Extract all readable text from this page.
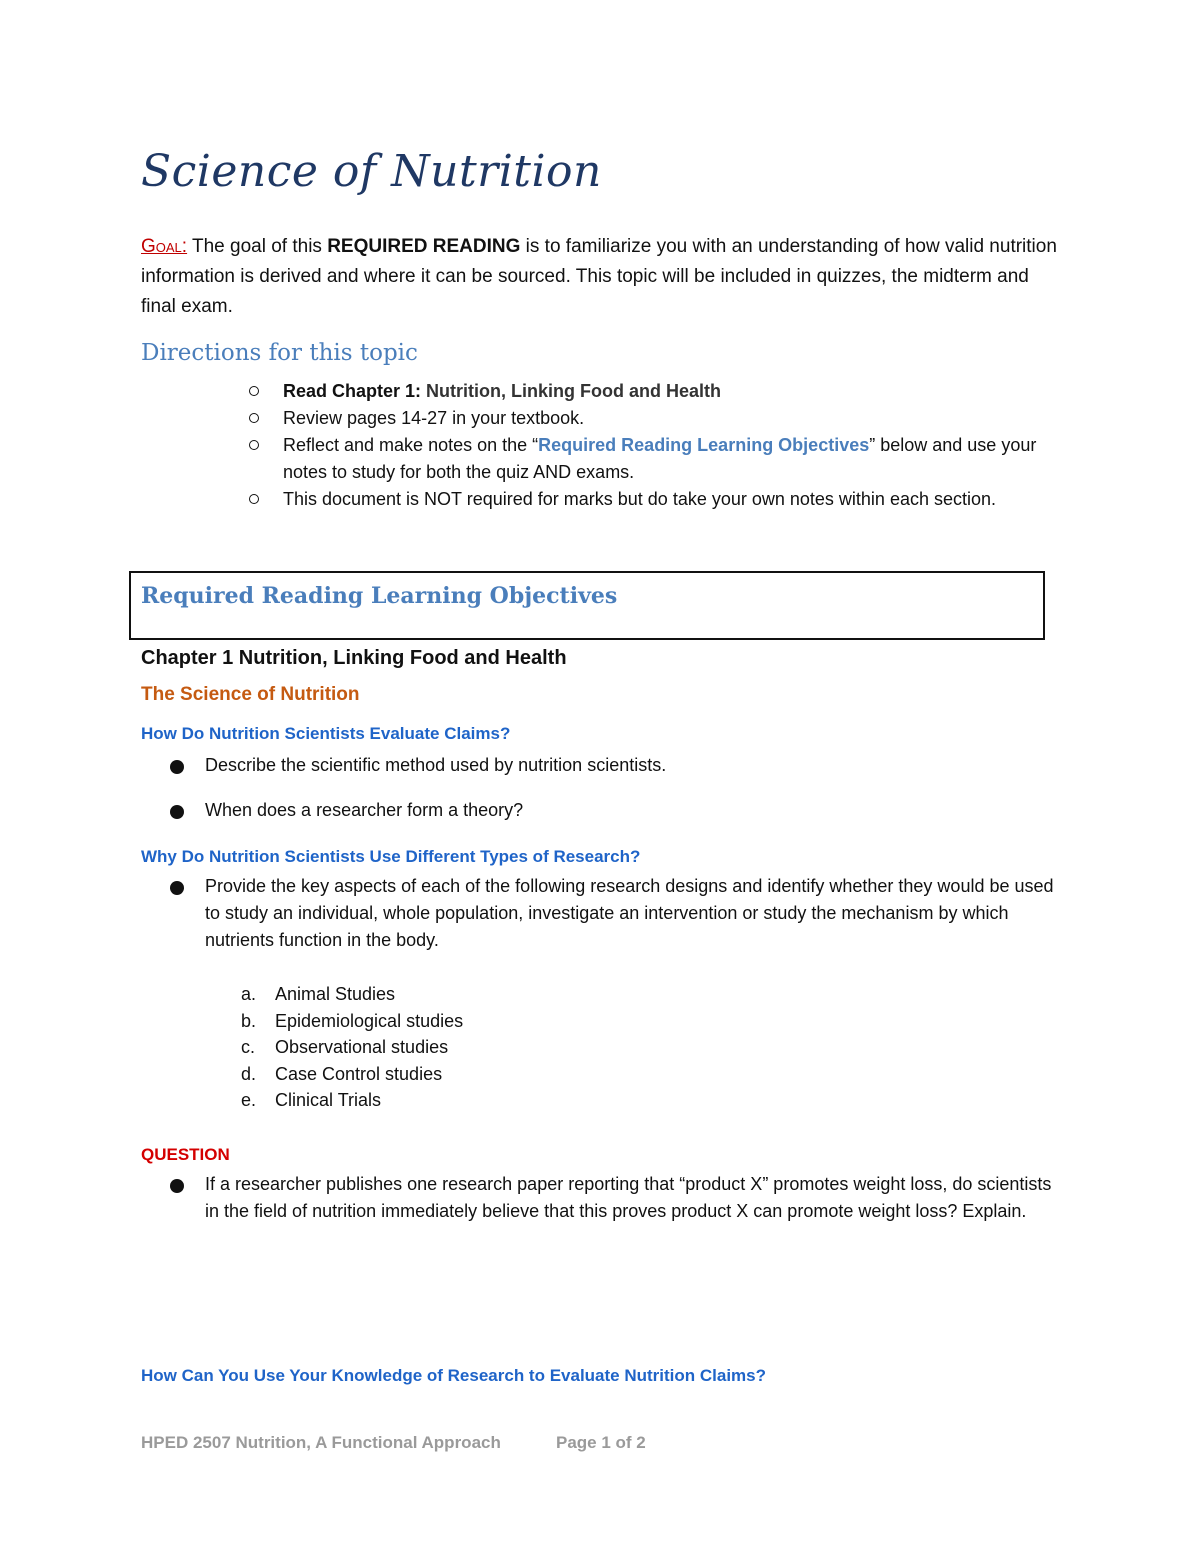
Science of Nutrition
Goal: The goal of this REQUIRED READING is to familiarize you with an understanding of how valid nutrition information is derived and where it can be sourced. This topic will be included in quizzes, the midterm and final exam.
Directions for this topic
Read Chapter 1: Nutrition, Linking Food and Health
Review pages 14-27 in your textbook.
Reflect and make notes on the “Required Reading Learning Objectives” below and use your notes to study for both the quiz AND exams.
This document is NOT required for marks but do take your own notes within each section.
Required Reading Learning Objectives
Chapter 1 Nutrition, Linking Food and Health
The Science of Nutrition
How Do Nutrition Scientists Evaluate Claims?
Describe the scientific method used by nutrition scientists.
When does a researcher form a theory?
Why Do Nutrition Scientists Use Different Types of Research?
Provide the key aspects of each of the following research designs and identify whether they would be used to study an individual, whole population, investigate an intervention or study the mechanism by which nutrients function in the body.
a. Animal Studies
b. Epidemiological studies
c. Observational studies
d. Case Control studies
e. Clinical Trials
QUESTION
If a researcher publishes one research paper reporting that “product X” promotes weight loss, do scientists in the field of nutrition immediately believe that this proves product X can promote weight loss? Explain.
How Can You Use Your Knowledge of Research to Evaluate Nutrition Claims?
HPED 2507 Nutrition, A Functional Approach	Page 1 of 2
